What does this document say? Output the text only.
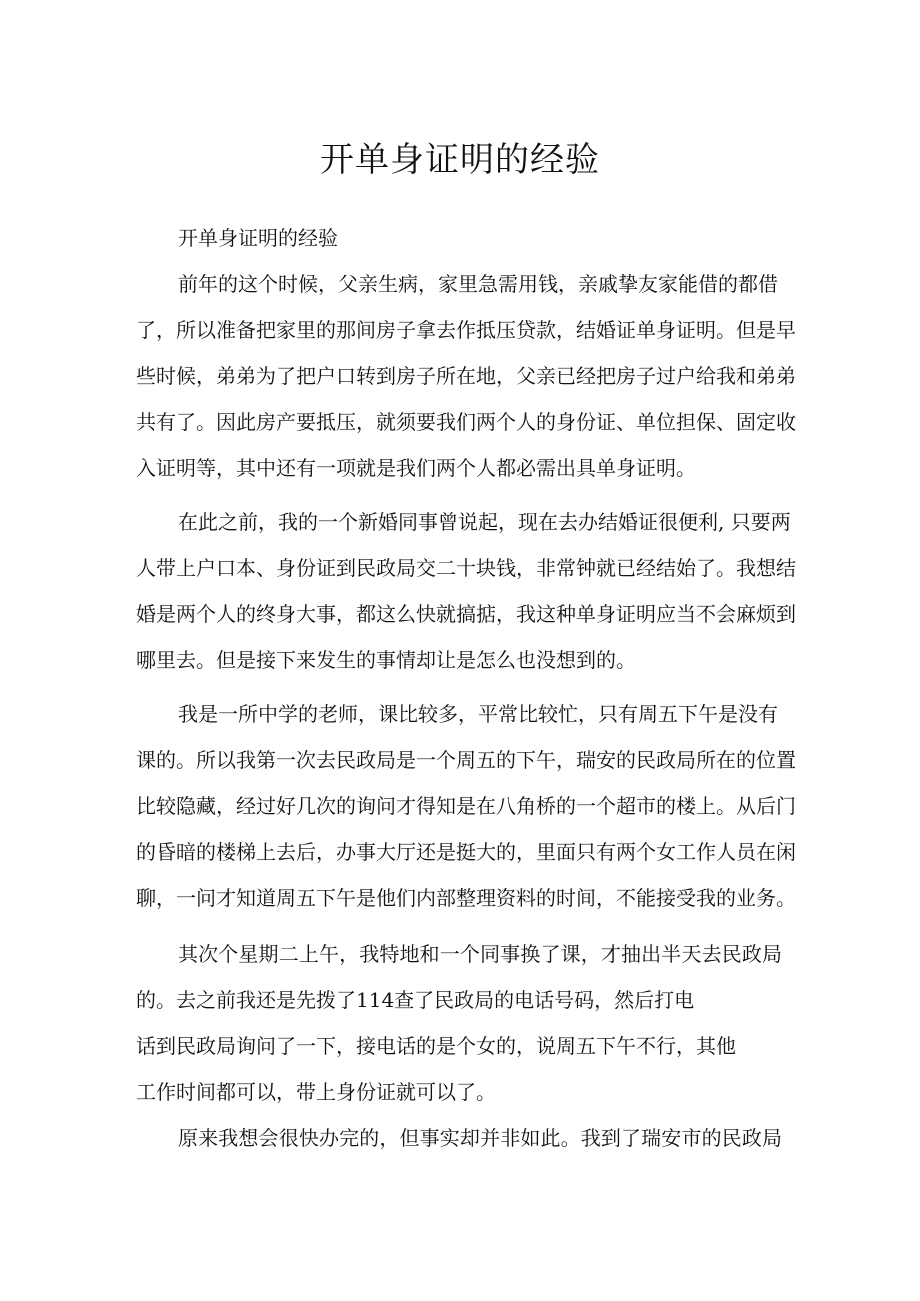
开单身证明的经验

开单身证明的经验

前年的这个时候，父亲生病，家里急需用钱，亲戚挚友家能借的都借

了，所以准备把家里的那间房子拿去作抵压贷款，结婚证单身证明。但是早

些时候，弟弟为了把户口转到房子所在地，父亲已经把房子过户给我和弟弟

共有了。因此房产要抵压，就须要我们两个人的身份证、单位担保、固定收

入证明等，其中还有一项就是我们两个人都必需出具单身证明。

在此之前，我的一个新婚同事曾说起，现在去办结婚证很便利, 只要两

人带上户口本、身份证到民政局交二十块钱，非常钟就已经结始了。我想结

婚是两个人的终身大事，都这么快就搞掂，我这种单身证明应当不会麻烦到

哪里去。但是接下来发生的事情却让是怎么也没想到的。

我是一所中学的老师，课比较多，平常比较忙，只有周五下午是没有

课的。所以我第一次去民政局是一个周五的下午，瑞安的民政局所在的位置

比较隐藏，经过好几次的询问才得知是在八角桥的一个超市的楼上。从后门

的昏暗的楼梯上去后，办事大厅还是挺大的，里面只有两个女工作人员在闲

聊，一问才知道周五下午是他们内部整理资料的时间，不能接受我的业务。

其次个星期二上午，我特地和一个同事换了课，才抽出半天去民政局

的。去之前我还是先拨了114查了民政局的电话号码，然后打电

话到民政局询问了一下，接电话的是个女的，说周五下午不行，其他

工作时间都可以，带上身份证就可以了。

原来我想会很快办完的，但事实却并非如此。我到了瑞安市的民政局
